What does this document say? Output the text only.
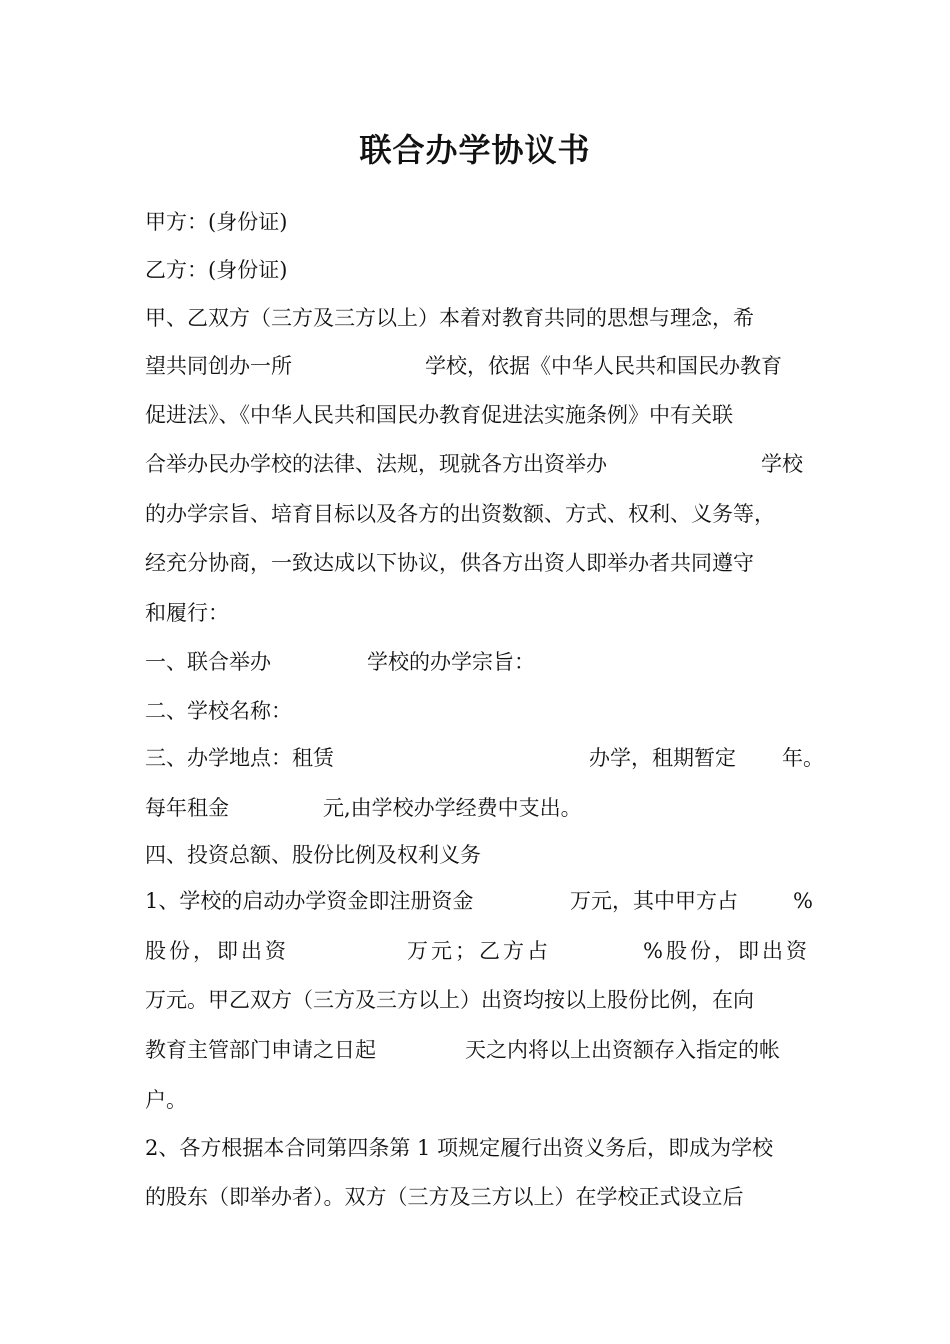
联合办学协议书
甲方：(身份证)
乙方：(身份证)
甲、乙双方（三方及三方以上）本着对教育共同的思想与理念，希
望共同创办一所	学校，依据《中华人民共和国民办教育
促进法》、《中华人民共和国民办教育促进法实施条例》中有关联
合举办民办学校的法律、法规，现就各方出资举办	学校
的办学宗旨、培育目标以及各方的出资数额、方式、权利、义务等，
经充分协商，一致达成以下协议，供各方出资人即举办者共同遵守
和履行：
一、联合举办	学校的办学宗旨：
二、学校名称：
三、办学地点：租赁	办学，租期暂定 年。
每年租金	元,由学校办学经费中支出。
四、投资总额、股份比例及权利义务
1、学校的启动办学资金即注册资金	万元，其中甲方占	%
股份，即出资	万元；乙方占	%股份，即出资
万元。甲乙双方（三方及三方以上）出资均按以上股份比例，在向
教育主管部门申请之日起	天之内将以上出资额存入指定的帐
户。
2、各方根据本合同第四条第 1 项规定履行出资义务后，即成为学校
的股东（即举办者）。双方（三方及三方以上）在学校正式设立后
